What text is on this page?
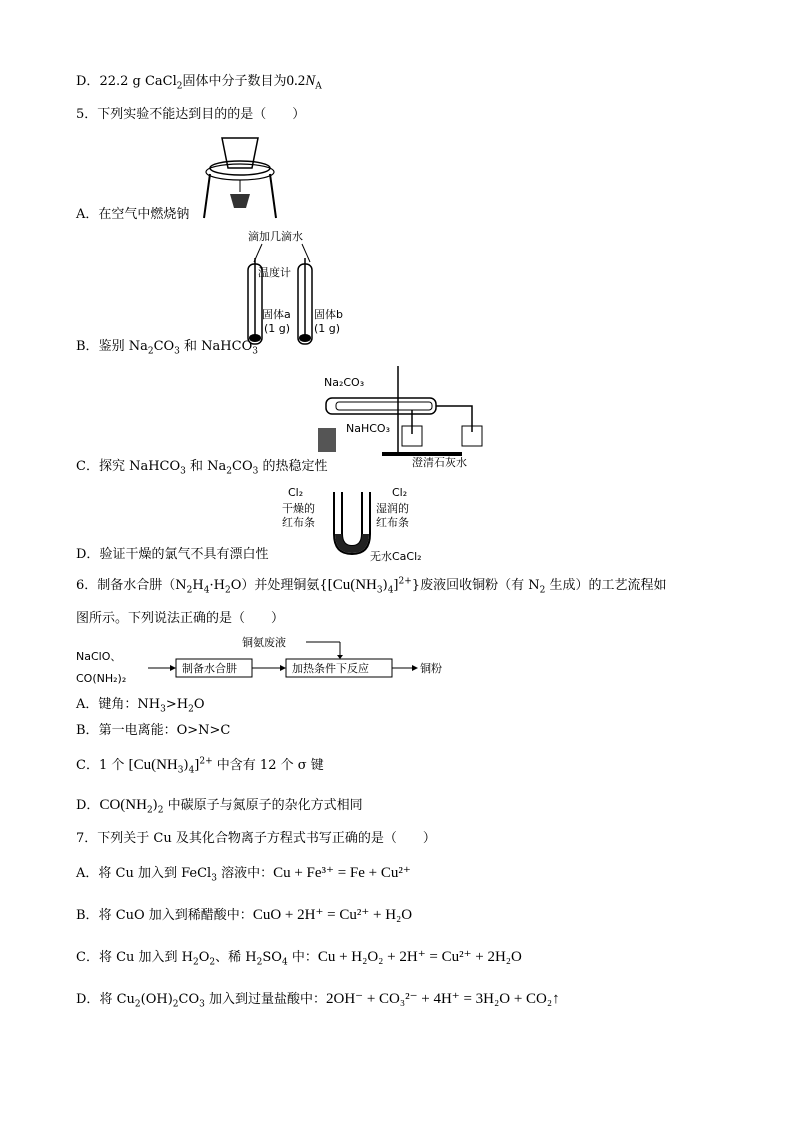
D．22.2 g CaCl$_2$固体中分子数目为$0.2N_A$
5．下列实验不能达到目的的是（　　）
A．在空气中燃烧钠
滴加几滴水
温度计
固体a
(1 g)
固体b
(1 g)
B．鉴别 $Na_2CO_3$ 和 NaHCO$_3$
Na₂CO₃
NaHCO₃
澄清石灰水
C．探究 NaHCO$_3$ 和 $Na_2CO_3$ 的热稳定性
Cl₂	Cl₂
干燥的
红布条
湿润的
红布条
无水CaCl₂
D．验证干燥的氯气不具有漂白性
6．制备水合肼$(N_2H_4\cdot H_2O)$并处理铜氨$\{[Cu(NH_3)_4]^{2+}\}$废液回收铜粉（有 $N_2$ 生成）的工艺流程如
图所示。下列说法正确的是（　　）
NaClO、
CO(NH₂)₂
制备水合肼
铜氨废液
加热条件下反应	铜粉
A．键角：$NH_3>H_2O$
B．第一电离能：O>N>C
C．1 个 $[Cu(NH_3)_4]^{2+}$ 中含有 12 个 σ 键
D．$CO(NH_2)_2$ 中碳原子与氮原子的杂化方式相同
7．下列关于 Cu 及其化合物离子方程式书写正确的是（　　）
A．将 Cu 加入到 FeCl$_3$ 溶液中：Cu + Fe³⁺ = Fe + Cu²⁺
B．将 CuO 加入到稀醋酸中：CuO + 2H⁺ = Cu²⁺ + H₂O
C．将 Cu 加入到 $H_2O_2$、稀 $H_2SO_4$ 中：Cu + H₂O₂ + 2H⁺ = Cu²⁺ + 2H₂O
D．将 $Cu_2(OH)_2CO_3$ 加入到过量盐酸中：2OH⁻ + CO₃²⁻ + 4H⁺ = 3H₂O + CO₂↑
